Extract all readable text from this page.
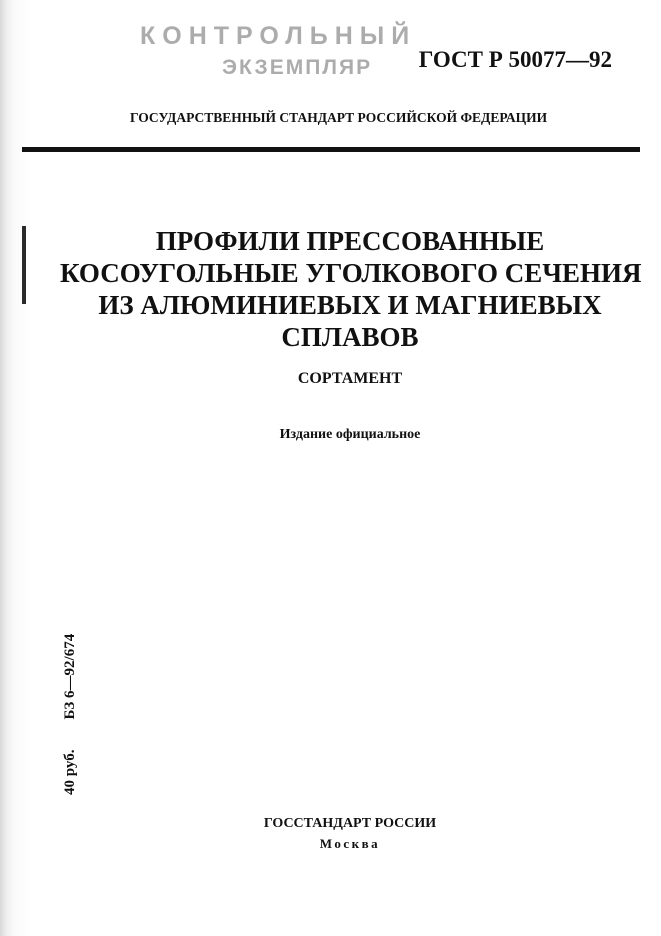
КОНТРОЛЬНЫЙ
ЭКЗЕМПЛЯР ГОСТ Р 50077—92
ГОСУДАРСТВЕННЫЙ СТАНДАРТ РОССИЙСКОЙ ФЕДЕРАЦИИ
ПРОФИЛИ ПРЕССОВАННЫЕ
КОСОУГОЛЬНЫЕ УГОЛКОВОГО СЕЧЕНИЯ
ИЗ АЛЮМИНИЕВЫХ И МАГНИЕВЫХ
СПЛАВОВ
СОРТАМЕНТ
Издание официальное
40 руб.БЗ 6—92/674
ГОССТАНДАРТ РОССИИ
Москва
